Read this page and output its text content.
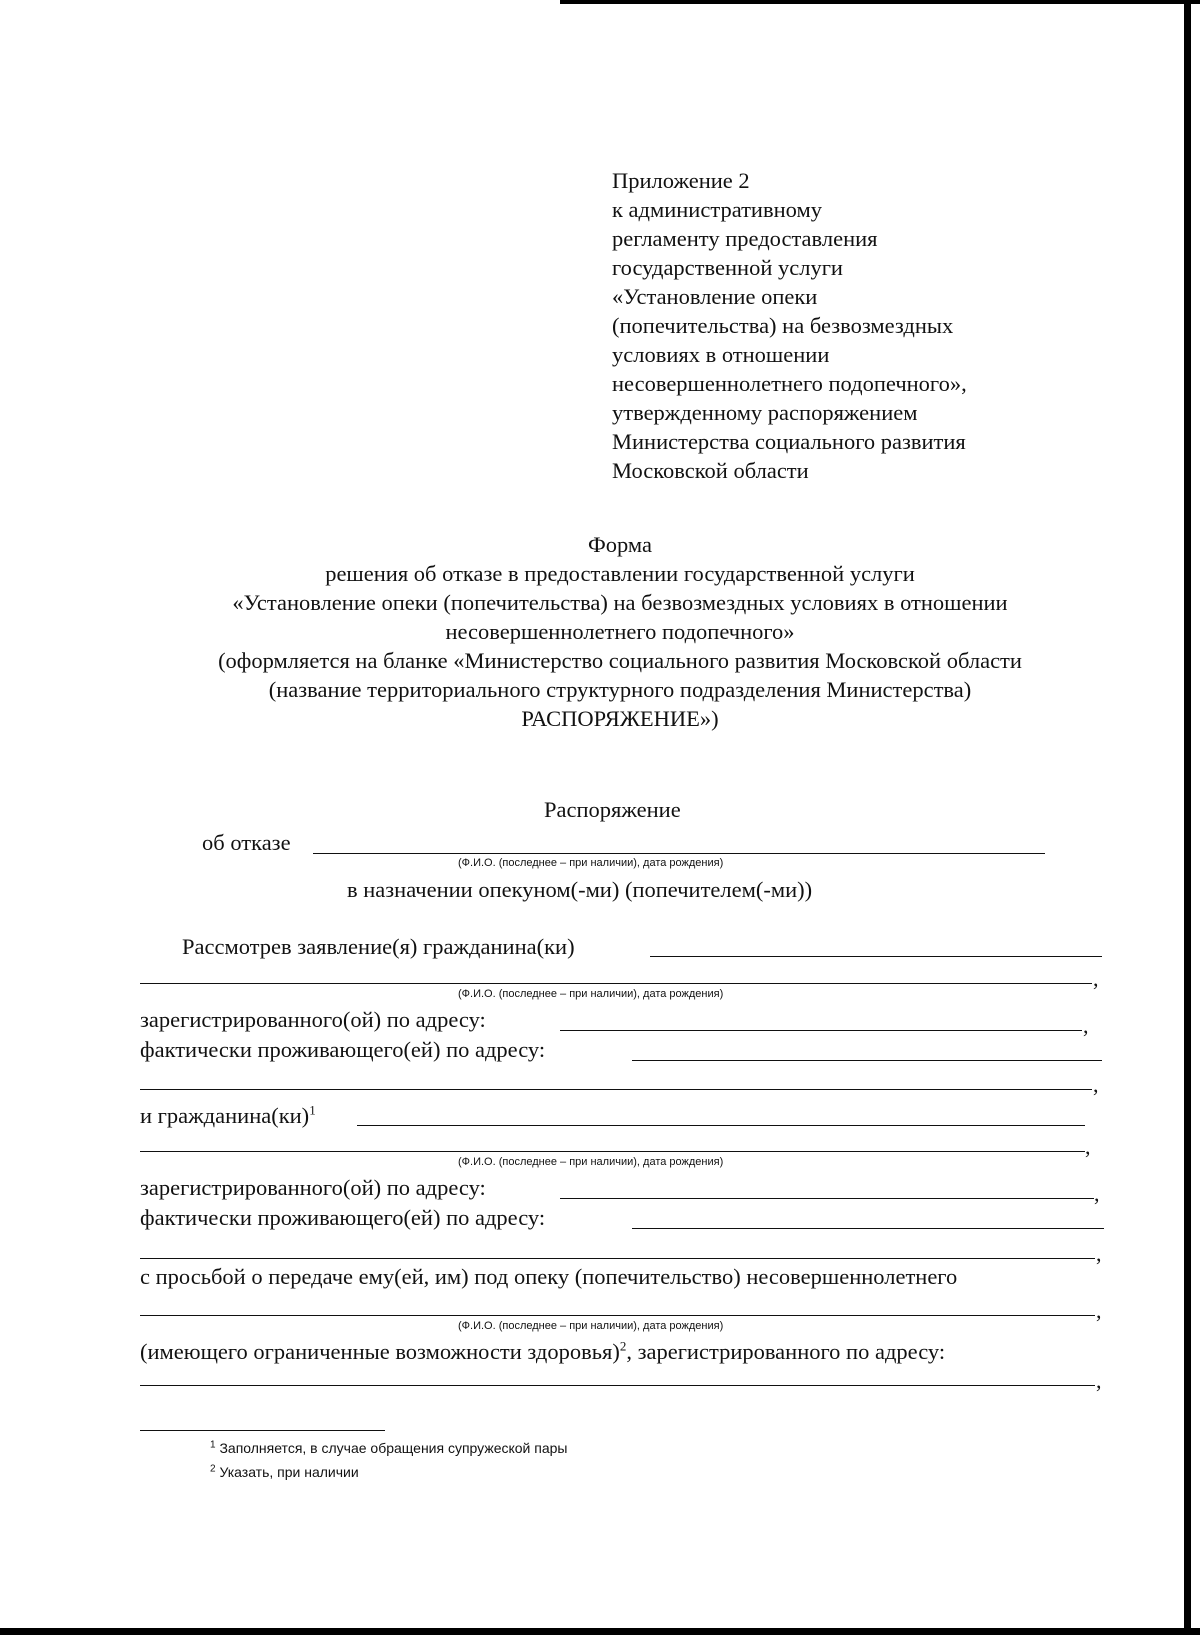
Приложение 2
к административному
регламенту предоставления
государственной услуги
«Установление опеки
(попечительства) на безвозмездных
условиях в отношении
несовершеннолетнего подопечного»,
утвержденному распоряжением
Министерства социального развития
Московской области
Форма
решения об отказе в предоставлении государственной услуги
«Установление опеки (попечительства) на безвозмездных условиях в отношении
несовершеннолетнего подопечного»
(оформляется на бланке «Министерство социального развития Московской области
(название территориального структурного подразделения Министерства)
РАСПОРЯЖЕНИЕ»)
Распоряжение
об отказе
(Ф.И.О. (последнее – при наличии), дата рождения)
в назначении опекуном(-ми) (попечителем(-ми))
Рассмотрев заявление(я) гражданина(ки)
,
(Ф.И.О. (последнее – при наличии), дата рождения)
зарегистрированного(ой) по адресу:	,
фактически проживающего(ей) по адресу:
,
и гражданина(ки)$^1$
,
(Ф.И.О. (последнее – при наличии), дата рождения)
зарегистрированного(ой) по адресу:	,
фактически проживающего(ей) по адресу:
,
с просьбой о передаче ему(ей, им) под опеку (попечительство) несовершеннолетнего
,
(Ф.И.О. (последнее – при наличии), дата рождения)
(имеющего ограниченные возможности здоровья)$^2$, зарегистрированного по адресу:
,
$^1$ Заполняется, в случае обращения супружеской пары
$^2$ Указать, при наличии
